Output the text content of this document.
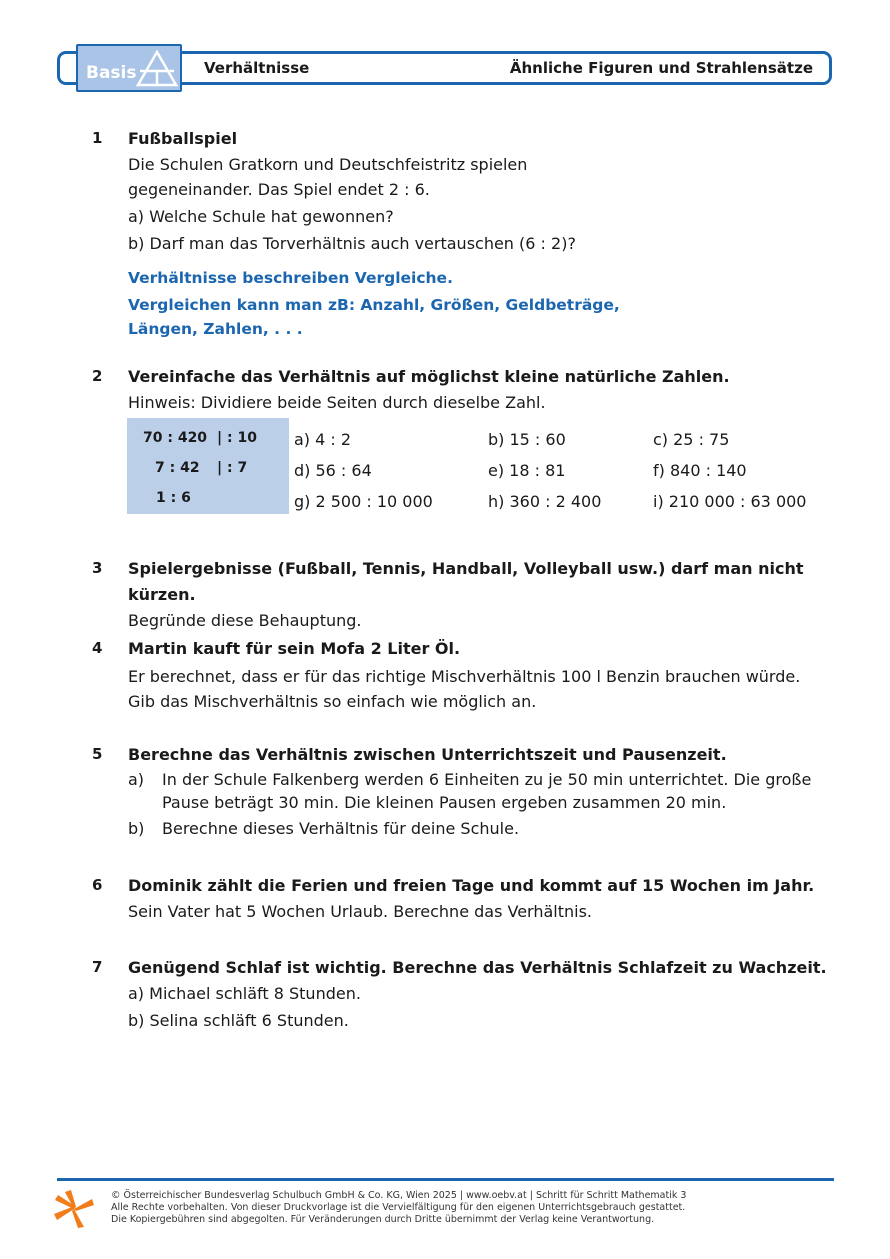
Basis	Verhältnisse	Ähnliche Figuren und Strahlensätze
1 Fußballspiel
Die Schulen Gratkorn und Deutschfeistritz spielen
gegeneinander. Das Spiel endet 2 : 6.
a) Welche Schule hat gewonnen?
b) Darf man das Torverhältnis auch vertauschen (6 : 2)?
Verhältnisse beschreiben Vergleiche.
Vergleichen kann man zB: Anzahl, Größen, Geldbeträge,
Längen, Zahlen, . . .
2 Vereinfache das Verhältnis auf möglichst kleine natürliche Zahlen.
Hinweis: Dividiere beide Seiten durch dieselbe Zahl.
70 : 420 | : 10
7 : 42 | : 7
1 : 6
a) 4 : 2	b) 15 : 60	c) 25 : 75
d) 56 : 64	e) 18 : 81	f) 840 : 140
g) 2 500 : 10 000	h) 360 : 2 400	i) 210 000 : 63 000
3 Spielergebnisse (Fußball, Tennis, Handball, Volleyball usw.) darf man nicht kürzen.
Begründe diese Behauptung.
4 Martin kauft für sein Mofa 2 Liter Öl.
Er berechnet, dass er für das richtige Mischverhältnis 100 l Benzin brauchen würde.
Gib das Mischverhältnis so einfach wie möglich an.
5 Berechne das Verhältnis zwischen Unterrichtszeit und Pausenzeit.
a)	In der Schule Falkenberg werden 6 Einheiten zu je 50 min unterrichtet. Die große
Pause beträgt 30 min. Die kleinen Pausen ergeben zusammen 20 min.
b)	Berechne dieses Verhältnis für deine Schule.
6 Dominik zählt die Ferien und freien Tage und kommt auf 15 Wochen im Jahr.
Sein Vater hat 5 Wochen Urlaub. Berechne das Verhältnis.
7 Genügend Schlaf ist wichtig. Berechne das Verhältnis Schlafzeit zu Wachzeit.
a) Michael schläft 8 Stunden.
b) Selina schläft 6 Stunden.
© Österreichischer Bundesverlag Schulbuch GmbH & Co. KG, Wien 2025 | www.oebv.at | Schritt für Schritt Mathematik 3
Alle Rechte vorbehalten. Von dieser Druckvorlage ist die Vervielfältigung für den eigenen Unterrichtsgebrauch gestattet.
Die Kopiergebühren sind abgegolten. Für Veränderungen durch Dritte übernimmt der Verlag keine Verantwortung.
